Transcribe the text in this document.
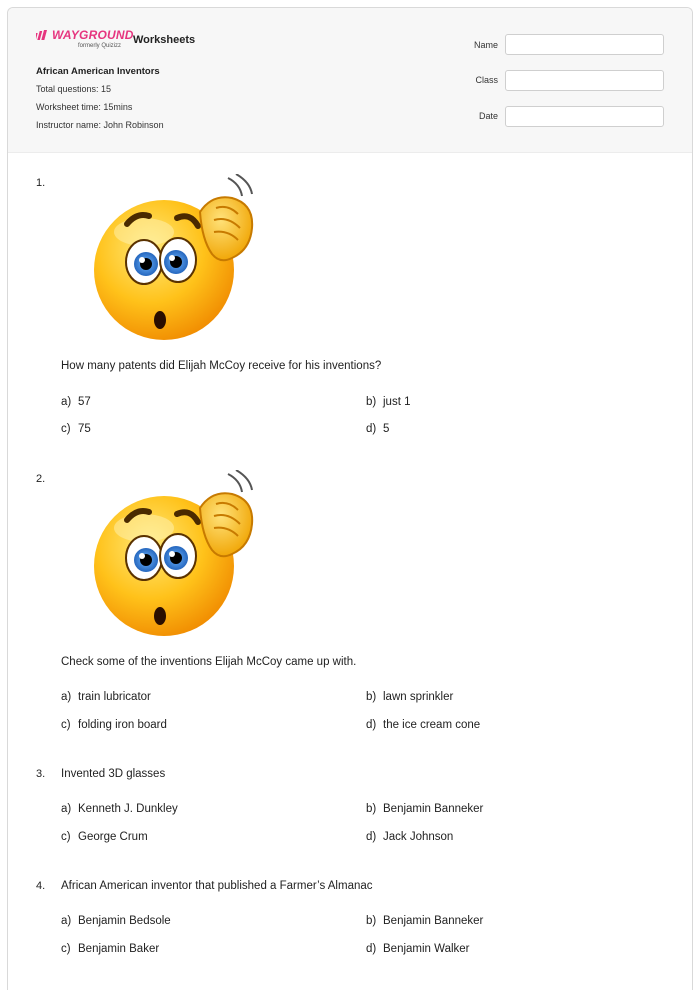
WAYGROUND
formerly Quizizz Worksheets
African American Inventors
Total questions: 15
Worksheet time: 15mins
Instructor name: John Robinson
Name
Class
Date
1.
How many patents did Elijah McCoy receive for his inventions?
a) 57	b) just 1
c) 75	d) 5
2.
Check some of the inventions Elijah McCoy came up with.
a) train lubricator	b) lawn sprinkler
c) folding iron board	d) the ice cream cone
3. Invented 3D glasses
a) Kenneth J. Dunkley	b) Benjamin Banneker
c) George Crum	d) Jack Johnson
4. African American inventor that published a Farmer’s Almanac
a) Benjamin Bedsole	b) Benjamin Banneker
c) Benjamin Baker	d) Benjamin Walker
